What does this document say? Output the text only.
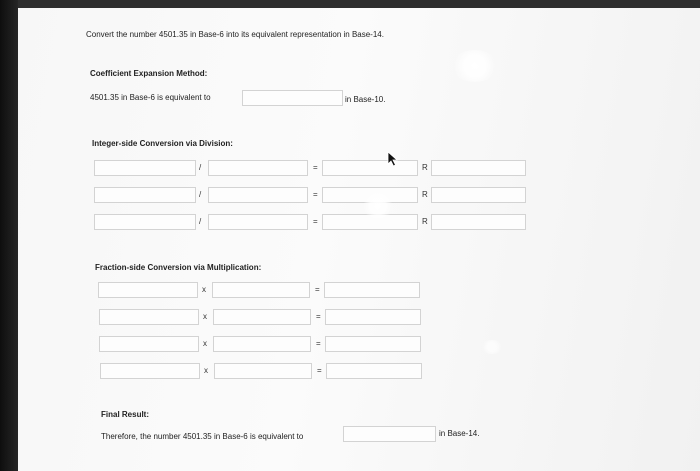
Convert the number 4501.35 in Base-6 into its equivalent representation in Base-14.
Coefficient Expansion Method:
4501.35 in Base-6 is equivalent to	in Base-10.
Integer-side Conversion via Division:
/	=	R
/	=	R
/	=	R
Fraction-side Conversion via Multiplication:
x	=
x	=
x	=
x	=
Final Result:
Therefore, the number 4501.35 in Base-6 is equivalent to	in Base-14.
